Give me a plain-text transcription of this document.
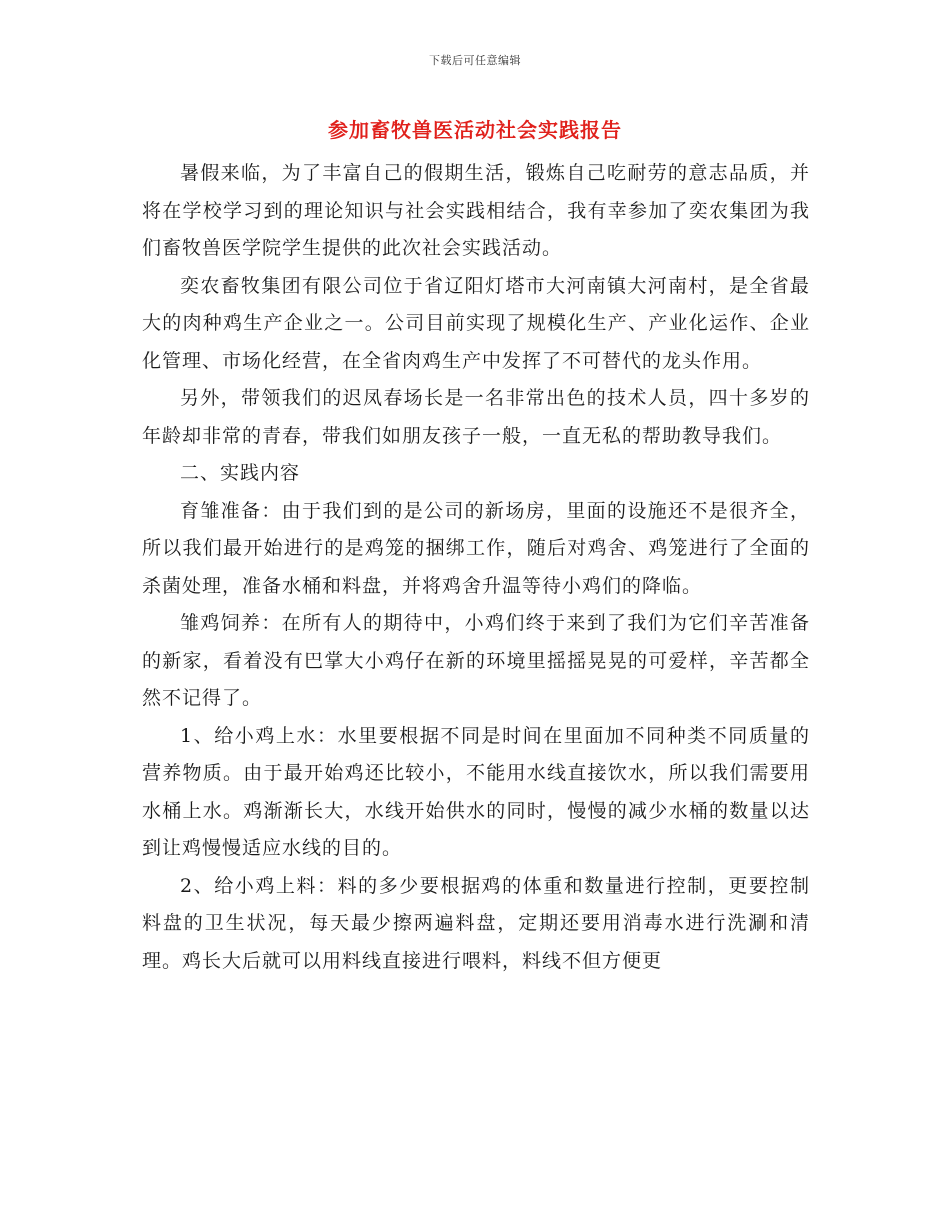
下载后可任意编辑
参加畜牧兽医活动社会实践报告

暑假来临，为了丰富自己的假期生活，锻炼自己吃耐劳的意志品质，并将在学校学习到的理论知识与社会实践相结合，我有幸参加了奕农集团为我们畜牧兽医学院学生提供的此次社会实践活动。

奕农畜牧集团有限公司位于省辽阳灯塔市大河南镇大河南村，是全省最大的肉种鸡生产企业之一。公司目前实现了规模化生产、产业化运作、企业化管理、市场化经营，在全省肉鸡生产中发挥了不可替代的龙头作用。

另外，带领我们的迟凤春场长是一名非常出色的技术人员，四十多岁的年龄却非常的青春，带我们如朋友孩子一般，一直无私的帮助教导我们。

二、实践内容

育雏准备：由于我们到的是公司的新场房，里面的设施还不是很齐全，所以我们最开始进行的是鸡笼的捆绑工作，随后对鸡舍、鸡笼进行了全面的杀菌处理，准备水桶和料盘，并将鸡舍升温等待小鸡们的降临。

雏鸡饲养：在所有人的期待中，小鸡们终于来到了我们为它们辛苦准备的新家，看着没有巴掌大小鸡仔在新的环境里摇摇晃晃的可爱样，辛苦都全然不记得了。

1、给小鸡上水：水里要根据不同是时间在里面加不同种类不同质量的营养物质。由于最开始鸡还比较小，不能用水线直接饮水，所以我们需要用水桶上水。鸡渐渐长大，水线开始供水的同时，慢慢的减少水桶的数量以达到让鸡慢慢适应水线的目的。

2、给小鸡上料：料的多少要根据鸡的体重和数量进行控制，更要控制料盘的卫生状况，每天最少擦两遍料盘，定期还要用消毒水进行洗涮和清理。鸡长大后就可以用料线直接进行喂料，料线不但方便更
